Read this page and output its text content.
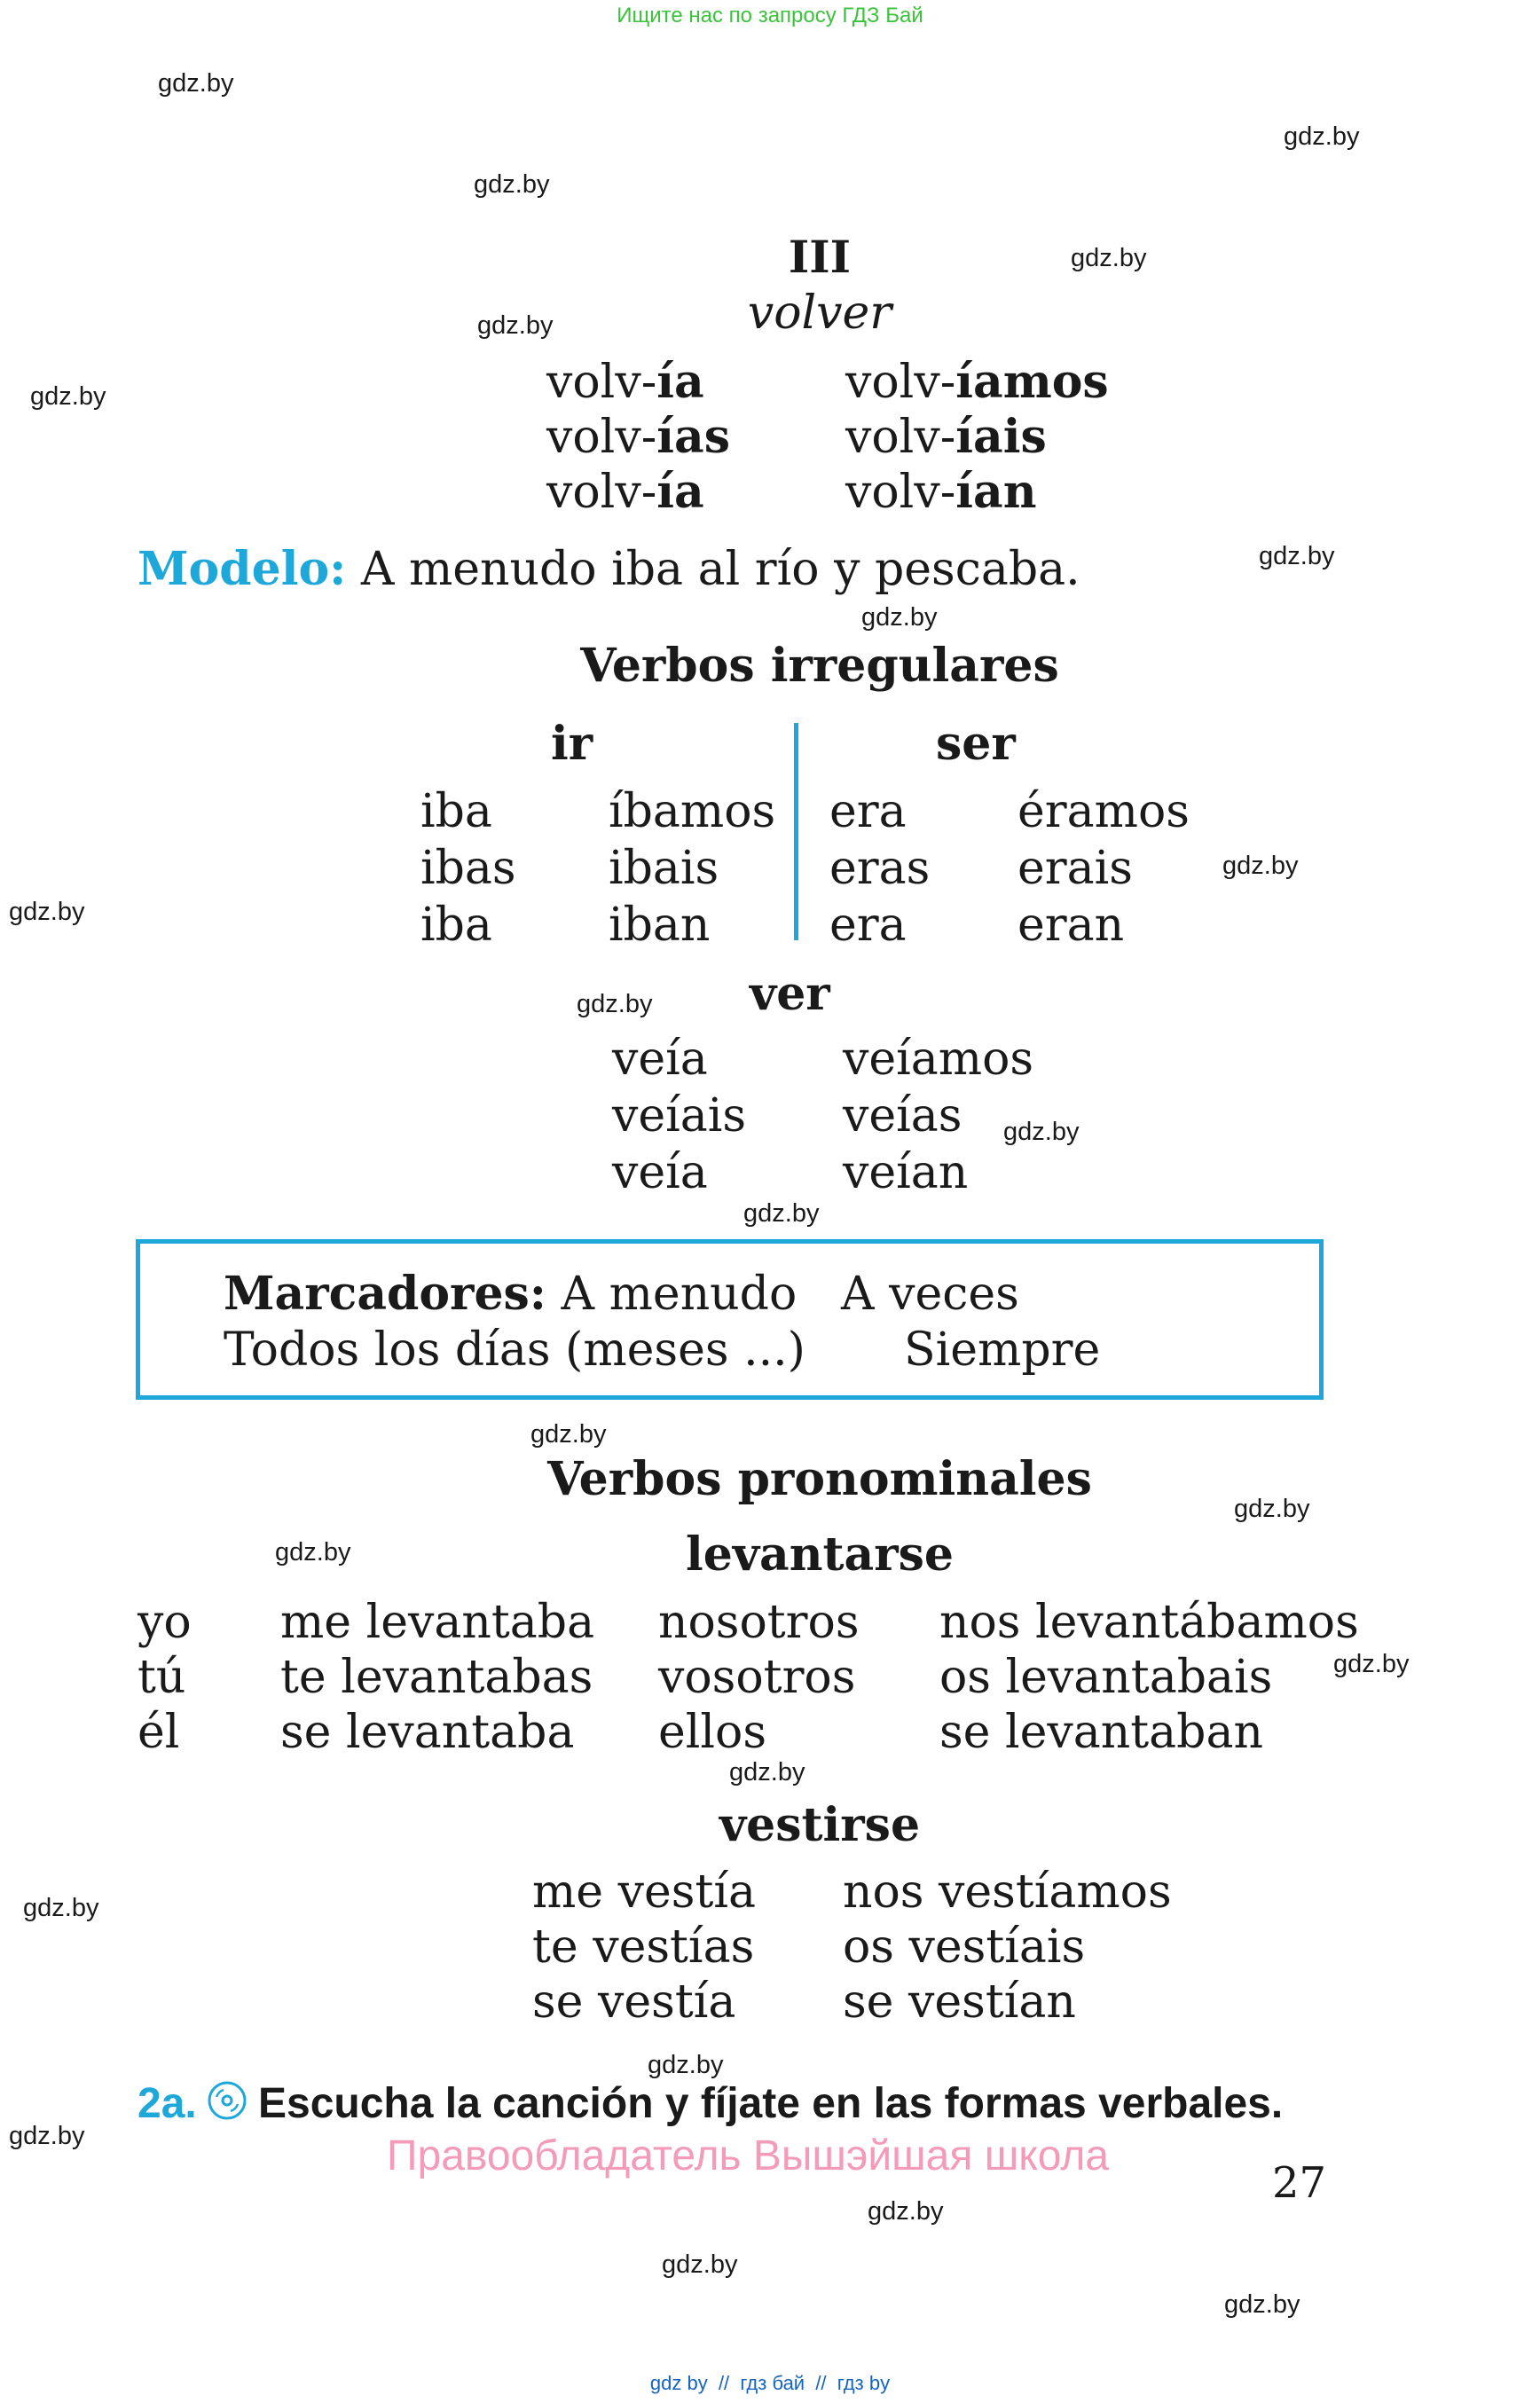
Ищите нас по запросу ГДЗ Бай
gdz.by
gdz.by
gdz.by
gdz.by
gdz.by
gdz.by
gdz.by
gdz.by
gdz.by
gdz.by
gdz.by
gdz.by
gdz.by
gdz.by
gdz.by
gdz.by
gdz.by
gdz.by
gdz.by
gdz.by
gdz.by
gdz.by
gdz.by
gdz.by
III
volver
volv-ía
volv-ías
volv-ía
volv-íamos
volv-íais
volv-ían
Modelo: A menudo iba al río y pescaba.
Verbos irregulares
ir	ser
iba
ibas
iba
íbamos
ibais
iban
era
eras
era
éramos
erais
eran
ver
veía
veíais
veía
veíamos
veías
veían
Marcadores: A menudo A veces
Todos los días (meses ...) Siempre
Verbos pronominales
levantarse
yo
tú
él
me levantaba
te levantabas
se levantaba
nosotros
vosotros
ellos
nos levantábamos
os levantabais
se levantaban
vestirse
me vestía
te vestías
se vestía
nos vestíamos
os vestíais
se vestían
2a. Escucha la canción y fíjate en las formas verbales.
Правообладатель Вышэйшая школа
27
gdz by  //  гдз бай  //  гдз by
